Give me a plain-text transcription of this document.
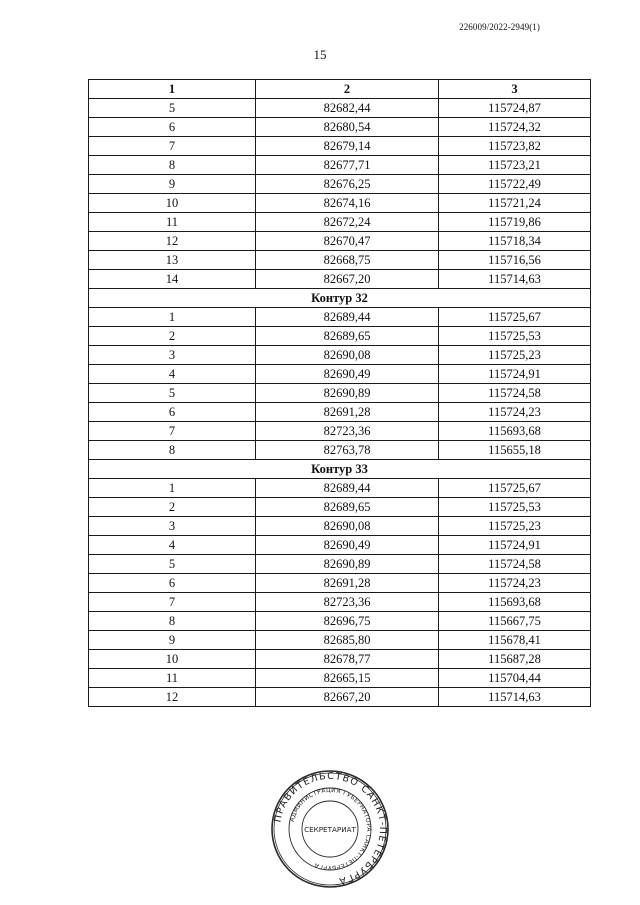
226009/2022-2949(1)
15
1	2	3
5	82682,44	115724,87
6	82680,54	115724,32
7	82679,14	115723,82
8	82677,71	115723,21
9	82676,25	115722,49
10	82674,16	115721,24
11	82672,24	115719,86
12	82670,47	115718,34
13	82668,75	115716,56
14	82667,20	115714,63
Контур 32		
1	82689,44	115725,67
2	82689,65	115725,53
3	82690,08	115725,23
4	82690,49	115724,91
5	82690,89	115724,58
6	82691,28	115724,23
7	82723,36	115693,68
8	82763,78	115655,18
Контур 33		
1	82689,44	115725,67
2	82689,65	115725,53
3	82690,08	115725,23
4	82690,49	115724,91
5	82690,89	115724,58
6	82691,28	115724,23
7	82723,36	115693,68
8	82696,75	115667,75
9	82685,80	115678,41
10	82678,77	115687,28
11	82665,15	115704,44
12	82667,20	115714,63
ПРАВИТЕЛЬСТВО САНКТ-ПЕТЕРБУРГА
АДМИНИСТРАЦИЯ ГУБЕРНАТОРА САНКТ-ПЕТЕРБУРГА
СЕКРЕТАРИАТ
